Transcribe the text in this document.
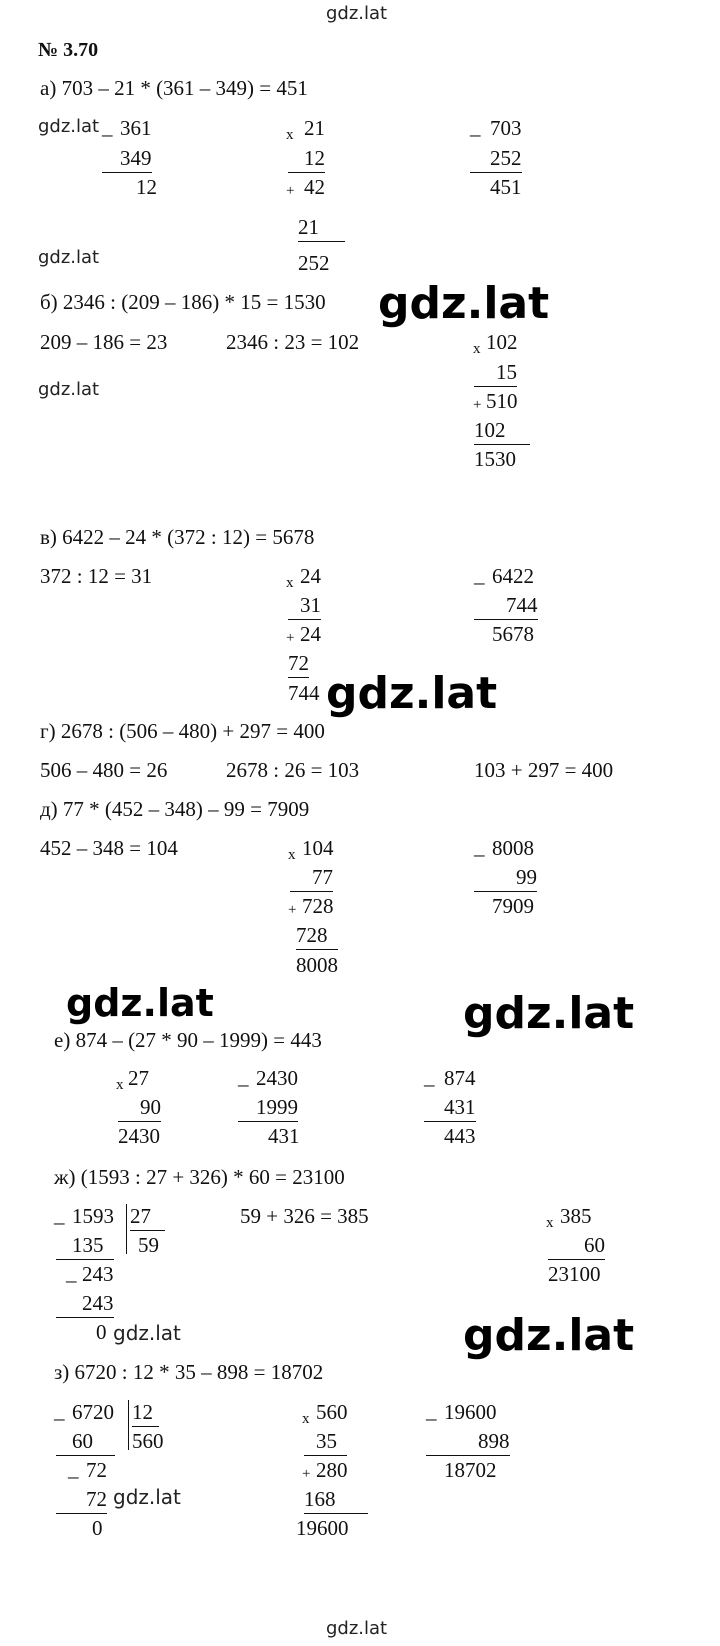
gdz.lat
gdz.lat
gdz.lat
gdz.lat
gdz.lat
gdz.lat
gdz.lat	gdz.lat
gdz.lat
gdz.lat
gdz.lat
gdz.lat
№ 3.70
а) 703 – 21 * (361 – 349) = 451
_ 361
349
12
x 21
12
+ 42
21
252
_ 703
252
451
б) 2346 : (209 – 186) * 15 = 1530
209 – 186 = 23	2346 : 23 = 102	x 102
15
+ 510
102
1530
в) 6422 – 24 * (372 : 12) = 5678
372 : 12 = 31	x 24
31
+ 24
72
744
_ 6422
744
5678
г) 2678 : (506 – 480) + 297 = 400
506 – 480 = 26	2678 : 26 = 103	103 + 297 = 400
д) 77 * (452 – 348) – 99 = 7909
452 – 348 = 104	x 104
77
+ 728
728
8008
_ 8008
99
7909
е) 874 – (27 * 90 – 1999) = 443
x 27
90
2430
_ 2430
1999
431
_ 874
431
443
ж) (1593 : 27 + 326) * 60 = 23100
_ 1593 27
135	59
_ 243
243
0
59 + 326 = 385	x 385
60
23100
з) 6720 : 12 * 35 – 898 = 18702
_ 6720 12
60	560
_ 72
72
0
x 560
35
+ 280
168
19600
_ 19600
898
18702
